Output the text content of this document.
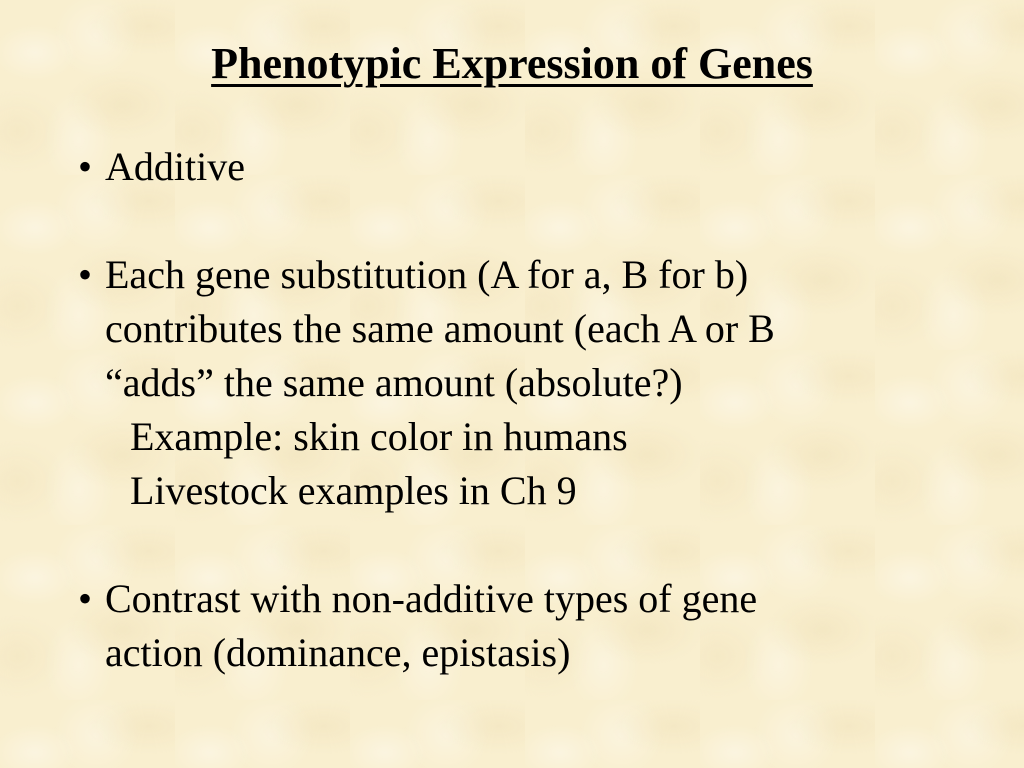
Phenotypic Expression of Genes
• Additive
• Each gene substitution (A for a, B for b)
contributes the same amount (each A or B
“adds” the same amount (absolute?)
Example: skin color in humans
Livestock examples in Ch 9
• Contrast with non-additive types of gene
action (dominance, epistasis)
